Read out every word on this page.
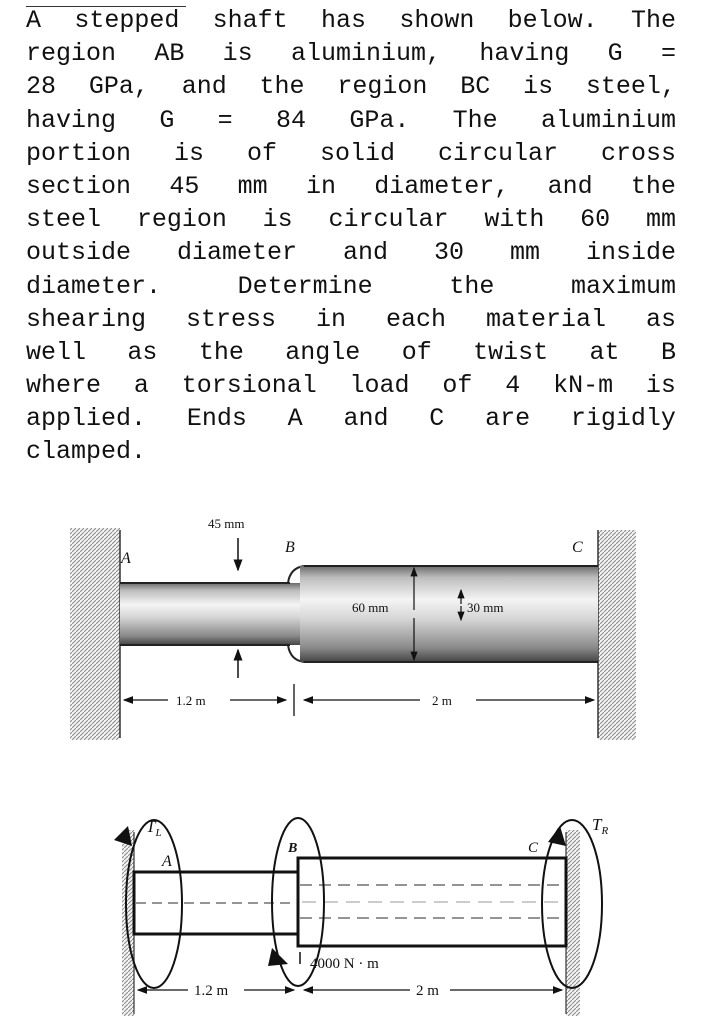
A stepped shaft has shown below. The
region AB is aluminium, having G =
28 GPa, and the region BC is steel,
having G = 84 GPa. The aluminium
portion is of solid circular cross
section 45 mm in diameter, and the
steel region is circular with 60 mm
outside diameter and 30 mm inside
diameter.	Determine	the	maximum
shearing stress in each material as
well as the angle of twist at B
where a torsional load of 4 kN-m is
applied. Ends A and C are rigidly
clamped.
A
B	C
45 mm
60 mm	30 mm
1.2 m	2 m
$T_L$	$T_R$
A
B	C
4000 N · m
1.2 m	2 m
